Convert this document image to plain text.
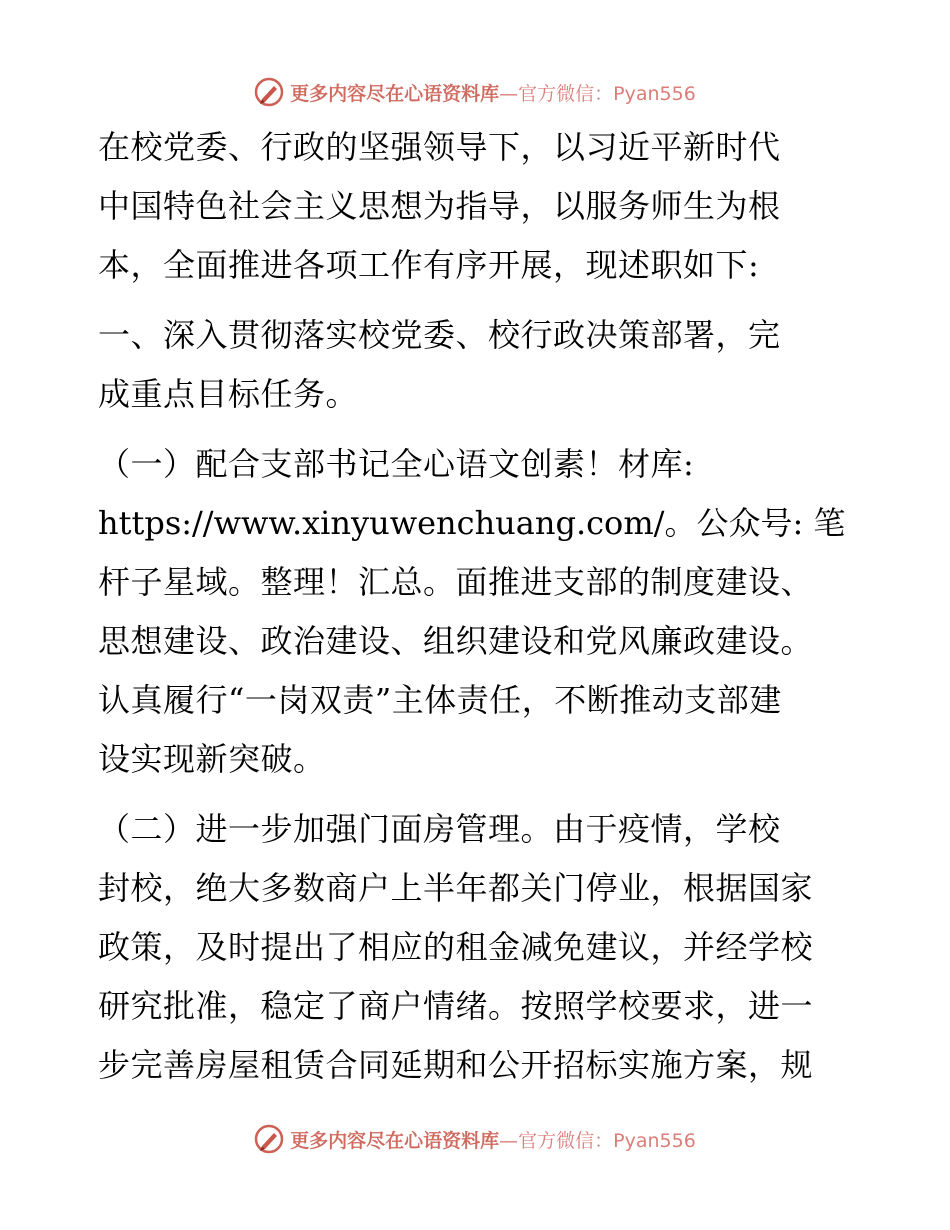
更多内容尽在心语资料库 —官方微信：Pyan556
在校党委、行政的坚强领导下，以习近平新时代
中国特色社会主义思想为指导，以服务师生为根
本，全面推进各项工作有序开展，现述职如下:
一、深入贯彻落实校党委、校行政决策部署，完
成重点目标任务。
（一）配合支部书记全心语文创素！材库:
https://www.xinyuwenchuang.com/。公众号: 笔
杆子星域。整理！汇总。面推进支部的制度建设、
思想建设、政治建设、组织建设和党风廉政建设。
认真履行“一岗双责”主体责任，不断推动支部建
设实现新突破。
（二）进一步加强门面房管理。由于疫情，学校
封校，绝大多数商户上半年都关门停业，根据国家
政策，及时提出了相应的租金减免建议，并经学校
研究批准，稳定了商户情绪。按照学校要求，进一
步完善房屋租赁合同延期和公开招标实施方案，规
更多内容尽在心语资料库 —官方微信：Pyan556
